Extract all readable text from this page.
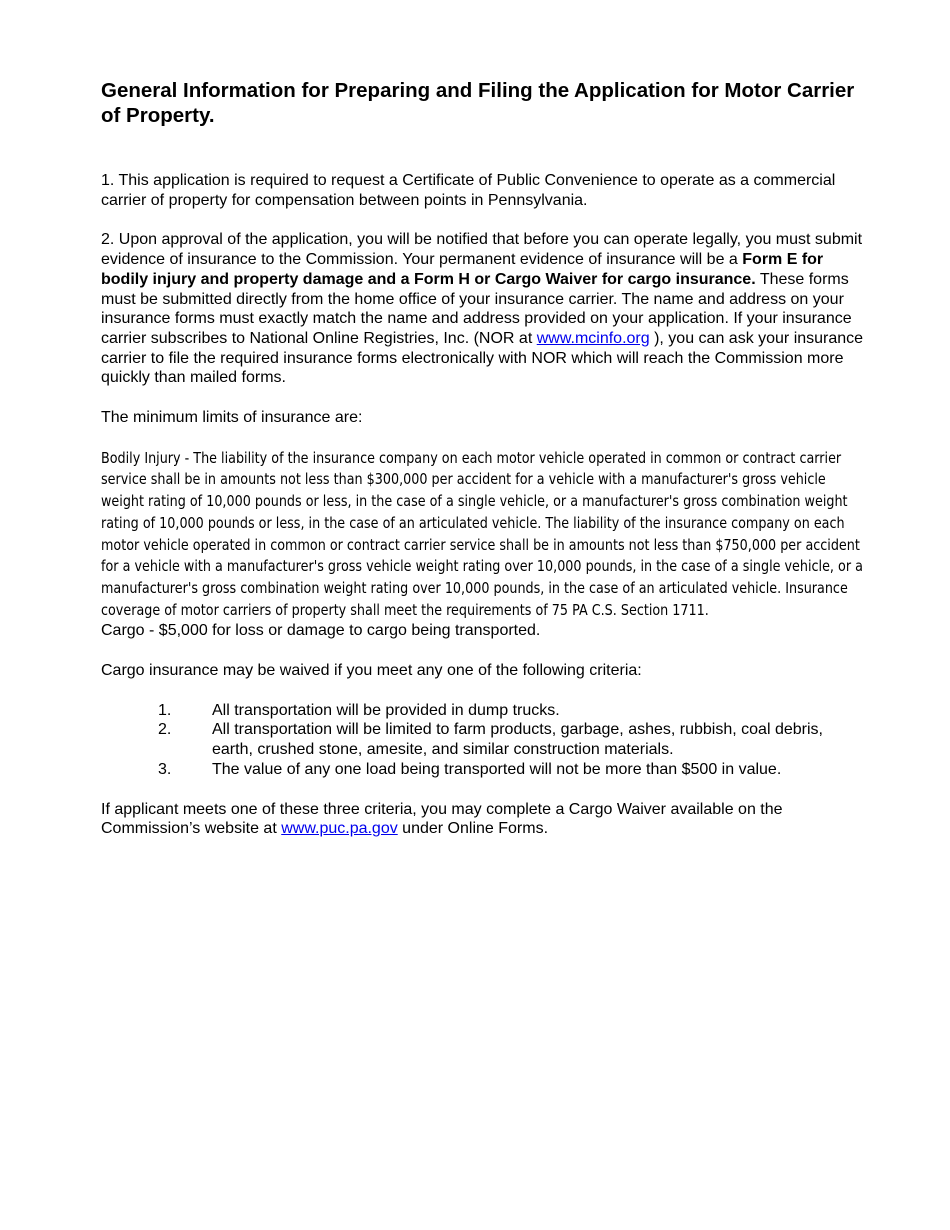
General Information for Preparing and Filing the Application for Motor Carrier of Property.

1. This application is required to request a Certificate of Public Convenience to operate as a commercial carrier of property for compensation between points in Pennsylvania.

2. Upon approval of the application, you will be notified that before you can operate legally, you must submit evidence of insurance to the Commission. Your permanent evidence of insurance will be a Form E for bodily injury and property damage and a Form H or Cargo Waiver for cargo insurance. These forms must be submitted directly from the home office of your insurance carrier. The name and address on your insurance forms must exactly match the name and address provided on your application. If your insurance carrier subscribes to National Online Registries, Inc. (NOR at www.mcinfo.org ), you can ask your insurance carrier to file the required insurance forms electronically with NOR which will reach the Commission more quickly than mailed forms.

The minimum limits of insurance are:

Bodily Injury - The liability of the insurance company on each motor vehicle operated in common or contract carrier service shall be in amounts not less than $300,000 per accident for a vehicle with a manufacturer's gross vehicle weight rating of 10,000 pounds or less, in the case of a single vehicle, or a manufacturer's gross combination weight rating of 10,000 pounds or less, in the case of an articulated vehicle. The liability of the insurance company on each motor vehicle operated in common or contract carrier service shall be in amounts not less than $750,000 per accident for a vehicle with a manufacturer's gross vehicle weight rating over 10,000 pounds, in the case of a single vehicle, or a manufacturer's gross combination weight rating over 10,000 pounds, in the case of an articulated vehicle. Insurance coverage of motor carriers of property shall meet the requirements of 75 PA C.S. Section 1711.

Cargo - $5,000 for loss or damage to cargo being transported.

Cargo insurance may be waived if you meet any one of the following criteria:

1.	All transportation will be provided in dump trucks.
2.	All transportation will be limited to farm products, garbage, ashes, rubbish, coal debris, earth, crushed stone, amesite, and similar construction materials.
3.	The value of any one load being transported will not be more than $500 in value.

If applicant meets one of these three criteria, you may complete a Cargo Waiver available on the Commission’s website at www.puc.pa.gov under Online Forms.
